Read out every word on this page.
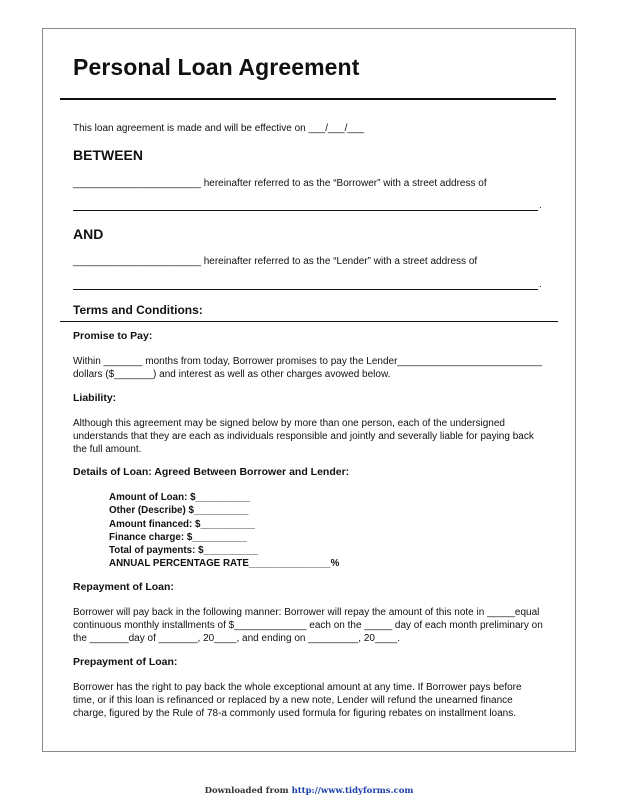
Personal Loan Agreement
This loan agreement is made and will be effective on ___/___/___
BETWEEN
_______________________ hereinafter referred to as the “Borrower” with a street address of
.
AND
_______________________ hereinafter referred to as the “Lender” with a street address of
.
Terms and Conditions:
Promise to Pay:
Within _______ months from today, Borrower promises to pay the Lender__________________________
dollars ($_______) and interest as well as other charges avowed below.
Liability:
Although this agreement may be signed below by more than one person, each of the undersigned
understands that they are each as individuals responsible and jointly and severally liable for paying back
the full amount.
Details of Loan: Agreed Between Borrower and Lender:
Amount of Loan: $__________
Other (Describe) $__________
Amount financed: $__________
Finance charge: $__________
Total of payments: $__________
ANNUAL PERCENTAGE RATE_______________%
Repayment of Loan:
Borrower will pay back in the following manner: Borrower will repay the amount of this note in _____equal
continuous monthly installments of $_____________ each on the _____ day of each month preliminary on
the _______day of _______, 20____, and ending on _________, 20____.
Prepayment of Loan:
Borrower has the right to pay back the whole exceptional amount at any time. If Borrower pays before
time, or if this loan is refinanced or replaced by a new note, Lender will refund the unearned finance
charge, figured by the Rule of 78-a commonly used formula for figuring rebates on installment loans.
Downloaded from http://www.tidyforms.com
